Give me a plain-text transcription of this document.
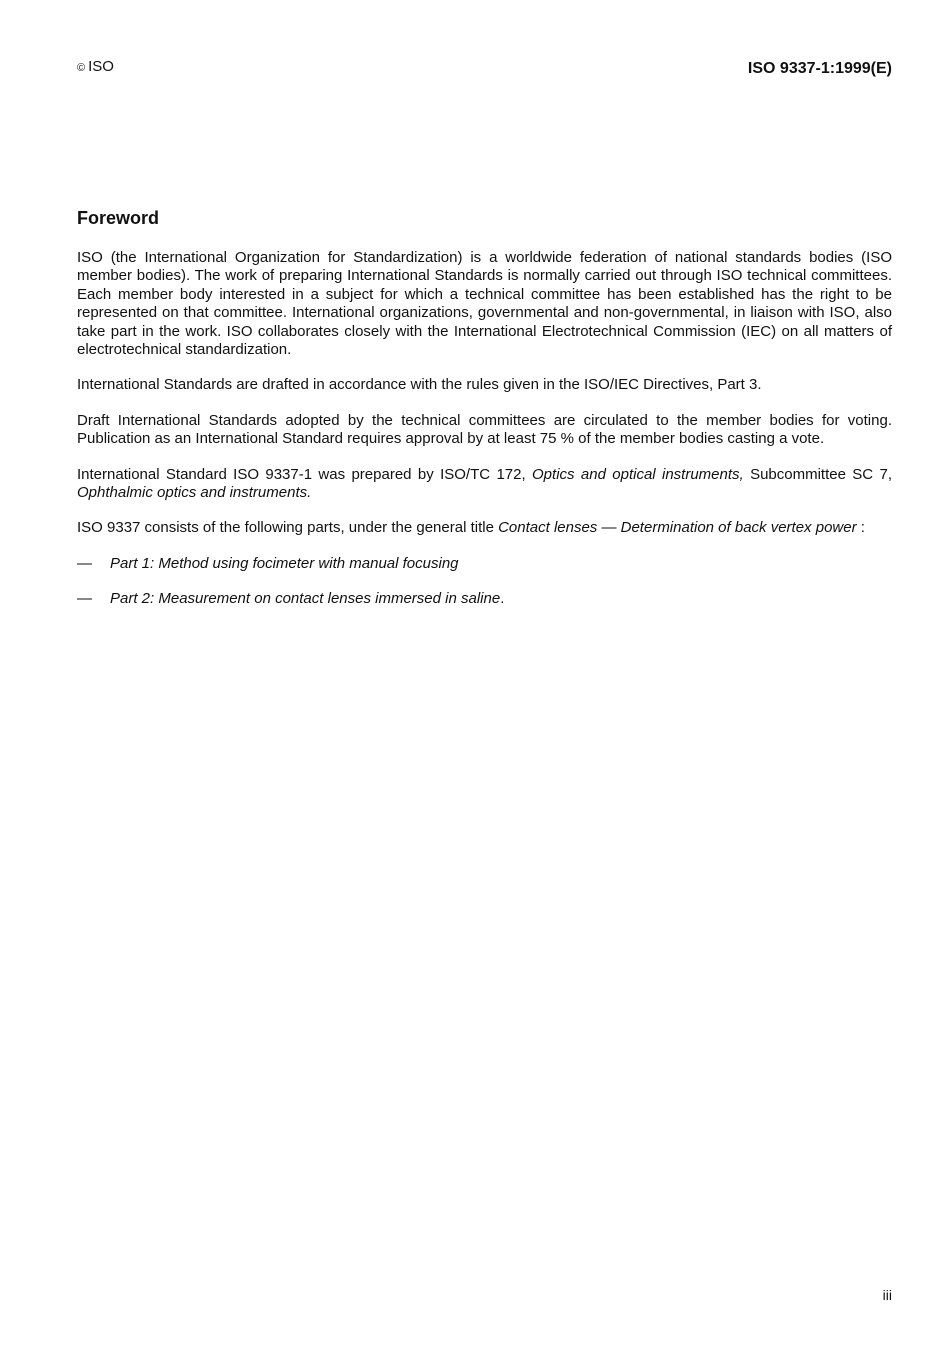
© ISO	ISO 9337-1:1999(E)
Foreword

ISO (the International Organization for Standardization) is a worldwide federation of national standards bodies (ISO member bodies). The work of preparing International Standards is normally carried out through ISO technical committees. Each member body interested in a subject for which a technical committee has been established has the right to be represented on that committee. International organizations, governmental and non-governmental, in liaison with ISO, also take part in the work. ISO collaborates closely with the International Electrotechnical Commission (IEC) on all matters of electrotechnical standardization.

International Standards are drafted in accordance with the rules given in the ISO/IEC Directives, Part 3.

Draft International Standards adopted by the technical committees are circulated to the member bodies for voting. Publication as an International Standard requires approval by at least 75 % of the member bodies casting a vote.

International Standard ISO 9337-1 was prepared by ISO/TC 172, Optics and optical instruments, Subcommittee SC 7, Ophthalmic optics and instruments.

ISO 9337 consists of the following parts, under the general title Contact lenses — Determination of back vertex power :

— Part 1: Method using focimeter with manual focusing
— Part 2: Measurement on contact lenses immersed in saline.
iii
